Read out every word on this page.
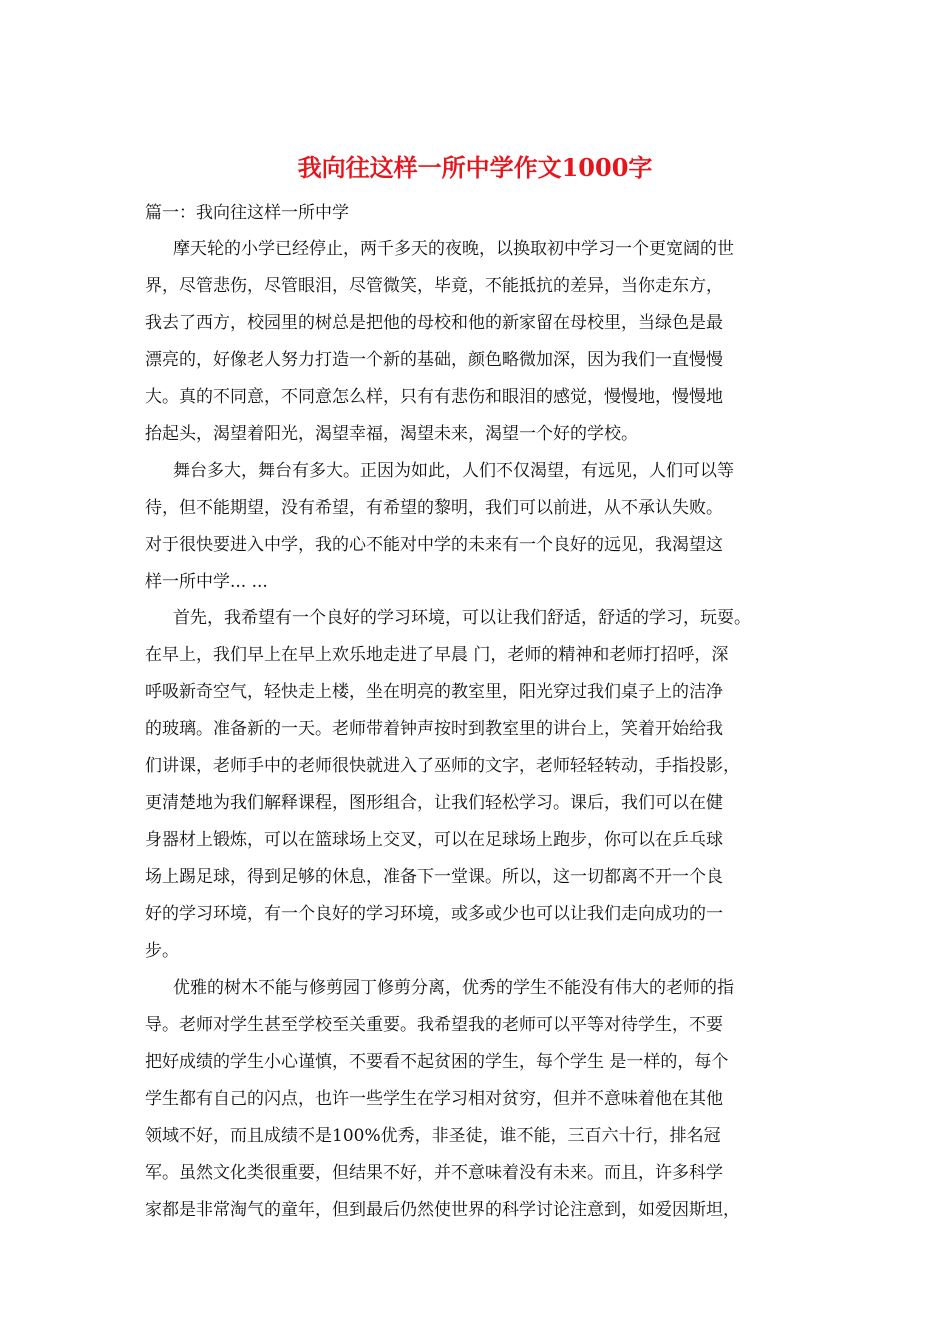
我向往这样一所中学作文1000字

篇一：我向往这样一所中学

摩天轮的小学已经停止，两千多天的夜晚，以换取初中学习一个更宽阔的世

界，尽管悲伤，尽管眼泪，尽管微笑，毕竟，不能抵抗的差异，当你走东方，

我去了西方，校园里的树总是把他的母校和他的新家留在母校里，当绿色是最

漂亮的，好像老人努力打造一个新的基础，颜色略微加深，因为我们一直慢慢

大。真的不同意，不同意怎么样，只有有悲伤和眼泪的感觉，慢慢地，慢慢地

抬起头，渴望着阳光，渴望幸福，渴望未来，渴望一个好的学校。

舞台多大，舞台有多大。正因为如此，人们不仅渴望，有远见，人们可以等

待，但不能期望，没有希望，有希望的黎明，我们可以前进，从不承认失败。

对于很快要进入中学，我的心不能对中学的未来有一个良好的远见，我渴望这

样一所中学... ...

首先，我希望有一个良好的学习环境，可以让我们舒适，舒适的学习，玩耍。

在早上，我们早上在早上欢乐地走进了早晨 门，老师的精神和老师打招呼，深

呼吸新奇空气，轻快走上楼，坐在明亮的教室里，阳光穿过我们桌子上的洁净

的玻璃。准备新的一天。老师带着钟声按时到教室里的讲台上，笑着开始给我

们讲课，老师手中的老师很快就进入了巫师的文字，老师轻轻转动，手指投影，

更清楚地为我们解释课程，图形组合，让我们轻松学习。课后，我们可以在健

身器材上锻炼，可以在篮球场上交叉，可以在足球场上跑步，你可以在乒乓球

场上踢足球，得到足够的休息，准备下一堂课。所以，这一切都离不开一个良

好的学习环境，有一个良好的学习环境，或多或少也可以让我们走向成功的一

步。

优雅的树木不能与修剪园丁修剪分离，优秀的学生不能没有伟大的老师的指

导。老师对学生甚至学校至关重要。我希望我的老师可以平等对待学生，不要

把好成绩的学生小心谨慎，不要看不起贫困的学生，每个学生 是一样的，每个

学生都有自己的闪点，也许一些学生在学习相对贫穷，但并不意味着他在其他

领域不好，而且成绩不是100%优秀，非圣徒，谁不能，三百六十行，排名冠

军。虽然文化类很重要，但结果不好，并不意味着没有未来。而且，许多科学

家都是非常淘气的童年，但到最后仍然使世界的科学讨论注意到，如爱因斯坦，
